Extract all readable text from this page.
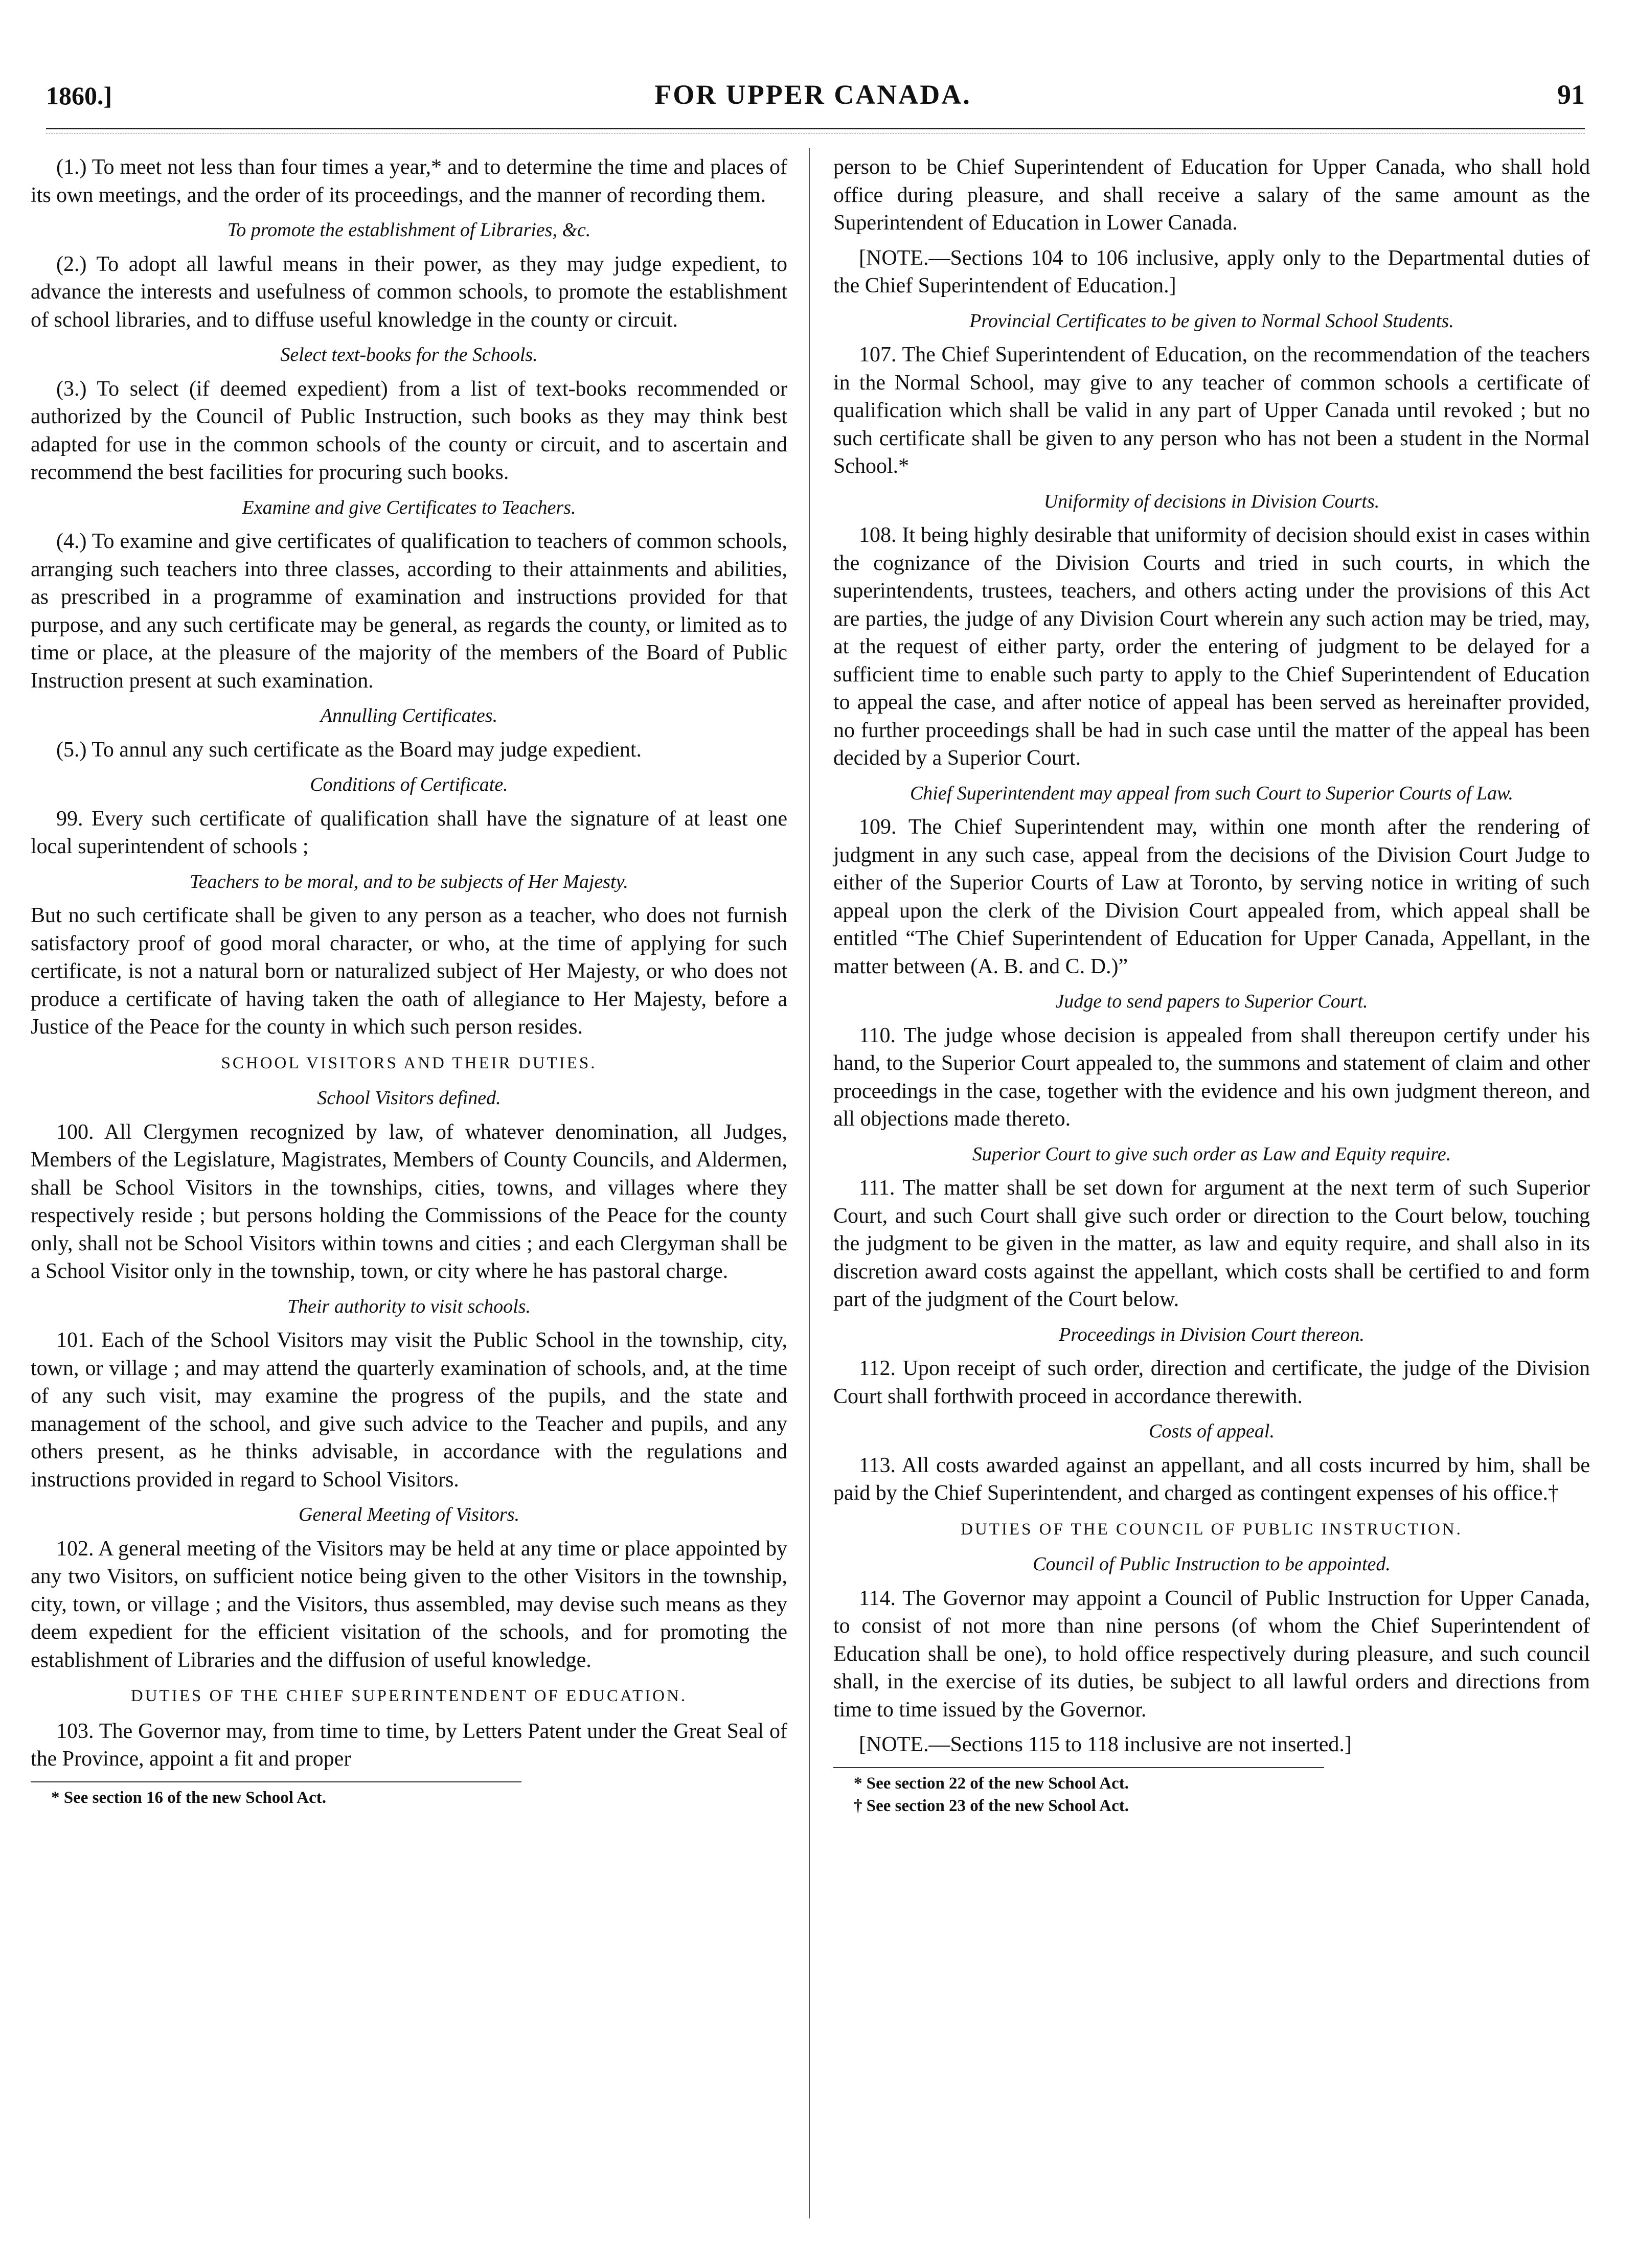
1860.]	FOR UPPER CANADA.	91

(1.) To meet not less than four times a year,* and to determine the time and places of its own meetings, and the order of its proceedings, and the manner of recording them.

To promote the establishment of Libraries, &c.

(2.) To adopt all lawful means in their power, as they may judge expedient, to advance the interests and usefulness of common schools, to promote the establishment of school libraries, and to diffuse useful knowledge in the county or circuit.

Select text-books for the Schools.

(3.) To select (if deemed expedient) from a list of text-books recommended or authorized by the Council of Public Instruction, such books as they may think best adapted for use in the common schools of the county or circuit, and to ascertain and recommend the best facilities for procuring such books.

Examine and give Certificates to Teachers.

(4.) To examine and give certificates of qualification to teachers of common schools, arranging such teachers into three classes, according to their attainments and abilities, as prescribed in a programme of examination and instructions provided for that purpose, and any such certificate may be general, as regards the county, or limited as to time or place, at the pleasure of the majority of the members of the Board of Public Instruction present at such examination.

Annulling Certificates.

(5.) To annul any such certificate as the Board may judge expedient.

Conditions of Certificate.

99. Every such certificate of qualification shall have the signature of at least one local superintendent of schools ;

Teachers to be moral, and to be subjects of Her Majesty.

But no such certificate shall be given to any person as a teacher, who does not furnish satisfactory proof of good moral character, or who, at the time of applying for such certificate, is not a natural born or naturalized subject of Her Majesty, or who does not produce a certificate of having taken the oath of allegiance to Her Majesty, before a Justice of the Peace for the county in which such person resides.

SCHOOL VISITORS AND THEIR DUTIES.
School Visitors defined.

100. All Clergymen recognized by law, of whatever denomination, all Judges, Members of the Legislature, Magistrates, Members of County Councils, and Aldermen, shall be School Visitors in the townships, cities, towns, and villages where they respectively reside ; but persons holding the Commissions of the Peace for the county only, shall not be School Visitors within towns and cities ; and each Clergyman shall be a School Visitor only in the township, town, or city where he has pastoral charge.

Their authority to visit schools.

101. Each of the School Visitors may visit the Public School in the township, city, town, or village ; and may attend the quarterly examination of schools, and, at the time of any such visit, may examine the progress of the pupils, and the state and management of the school, and give such advice to the Teacher and pupils, and any others present, as he thinks advisable, in accordance with the regulations and instructions provided in regard to School Visitors.

General Meeting of Visitors.

102. A general meeting of the Visitors may be held at any time or place appointed by any two Visitors, on sufficient notice being given to the other Visitors in the township, city, town, or village ; and the Visitors, thus assembled, may devise such means as they deem expedient for the efficient visitation of the schools, and for promoting the establishment of Libraries and the diffusion of useful knowledge.

DUTIES OF THE CHIEF SUPERINTENDENT OF EDUCATION.

103. The Governor may, from time to time, by Letters Patent under the Great Seal of the Province, appoint a fit and proper

* See section 16 of the new School Act.

person to be Chief Superintendent of Education for Upper Canada, who shall hold office during pleasure, and shall receive a salary of the same amount as the Superintendent of Education in Lower Canada.

[NOTE.—Sections 104 to 106 inclusive, apply only to the Departmental duties of the Chief Superintendent of Education.]

Provincial Certificates to be given to Normal School Students.

107. The Chief Superintendent of Education, on the recommendation of the teachers in the Normal School, may give to any teacher of common schools a certificate of qualification which shall be valid in any part of Upper Canada until revoked ; but no such certificate shall be given to any person who has not been a student in the Normal School.*

Uniformity of decisions in Division Courts.

108. It being highly desirable that uniformity of decision should exist in cases within the cognizance of the Division Courts and tried in such courts, in which the superintendents, trustees, teachers, and others acting under the provisions of this Act are parties, the judge of any Division Court wherein any such action may be tried, may, at the request of either party, order the entering of judgment to be delayed for a sufficient time to enable such party to apply to the Chief Superintendent of Education to appeal the case, and after notice of appeal has been served as hereinafter provided, no further proceedings shall be had in such case until the matter of the appeal has been decided by a Superior Court.

Chief Superintendent may appeal from such Court to Superior Courts of Law.

109. The Chief Superintendent may, within one month after the rendering of judgment in any such case, appeal from the decisions of the Division Court Judge to either of the Superior Courts of Law at Toronto, by serving notice in writing of such appeal upon the clerk of the Division Court appealed from, which appeal shall be entitled “The Chief Superintendent of Education for Upper Canada, Appellant, in the matter between (A. B. and C. D.)”

Judge to send papers to Superior Court.

110. The judge whose decision is appealed from shall thereupon certify under his hand, to the Superior Court appealed to, the summons and statement of claim and other proceedings in the case, together with the evidence and his own judgment thereon, and all objections made thereto.

Superior Court to give such order as Law and Equity require.

111. The matter shall be set down for argument at the next term of such Superior Court, and such Court shall give such order or direction to the Court below, touching the judgment to be given in the matter, as law and equity require, and shall also in its discretion award costs against the appellant, which costs shall be certified to and form part of the judgment of the Court below.

Proceedings in Division Court thereon.

112. Upon receipt of such order, direction and certificate, the judge of the Division Court shall forthwith proceed in accordance therewith.

Costs of appeal.

113. All costs awarded against an appellant, and all costs incurred by him, shall be paid by the Chief Superintendent, and charged as contingent expenses of his office.†

DUTIES OF THE COUNCIL OF PUBLIC INSTRUCTION.
Council of Public Instruction to be appointed.

114. The Governor may appoint a Council of Public Instruction for Upper Canada, to consist of not more than nine persons (of whom the Chief Superintendent of Education shall be one), to hold office respectively during pleasure, and such council shall, in the exercise of its duties, be subject to all lawful orders and directions from time to time issued by the Governor.

[NOTE.—Sections 115 to 118 inclusive are not inserted.]

* See section 22 of the new School Act.

† See section 23 of the new School Act.
